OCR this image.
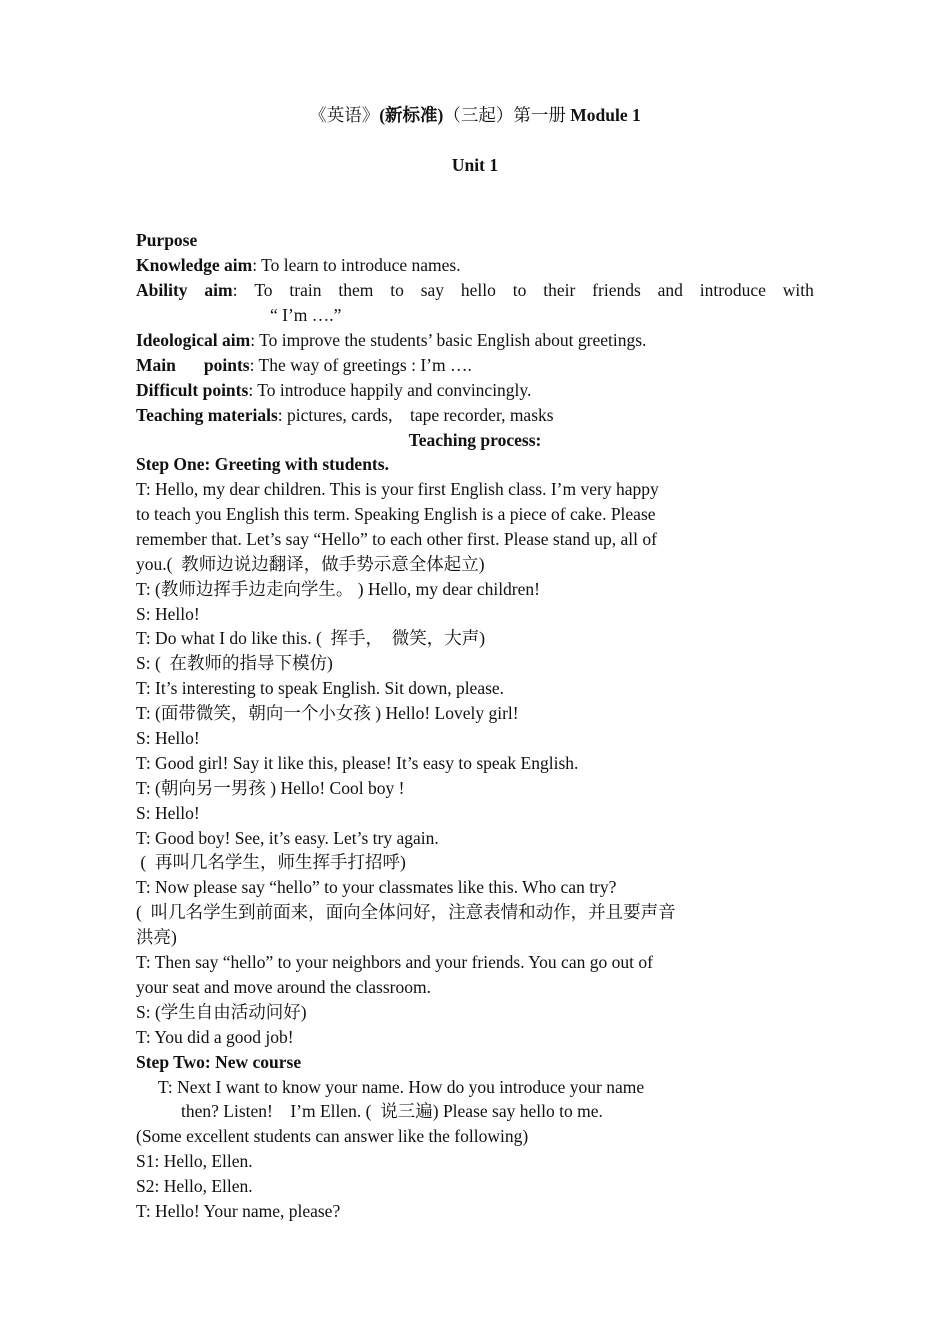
《英语》(新标准)（三起）第一册 Module 1
Unit 1
Purpose
Knowledge aim: To learn to introduce names.
Ability aim: To train them to say hello to their friends and introduce with
“ I’m ….”
Ideological aim: To improve the students’ basic English about greetings.
Main points: The way of greetings : I’m ….
Difficult points: To introduce happily and convincingly.
Teaching materials: pictures, cards,    tape recorder, masks
Teaching process:
Step One: Greeting with students.
T: Hello, my dear children. This is your first English class. I’m very happy
to teach you English this term. Speaking English is a piece of cake. Please
remember that. Let’s say “Hello” to each other first. Please stand up, all of
you.(  教师边说边翻译，做手势示意全体起立)
T: (教师边挥手边走向学生。 ) Hello, my dear children!
S: Hello!
T: Do what I do like this. (  挥手，  微笑，大声)
S: (  在教师的指导下模仿)
T: It’s interesting to speak English. Sit down, please.
T: (面带微笑，朝向一个小女孩 ) Hello! Lovely girl!
S: Hello!
T: Good girl! Say it like this, please! It’s easy to speak English.
T: (朝向另一男孩 ) Hello! Cool boy !
S: Hello!
T: Good boy! See, it’s easy. Let’s try again.
(  再叫几名学生，师生挥手打招呼)
T: Now please say “hello” to your classmates like this. Who can try?
(  叫几名学生到前面来，面向全体问好，注意表情和动作，并且要声音
洪亮)
T: Then say “hello” to your neighbors and your friends. You can go out of
your seat and move around the classroom.
S: (学生自由活动问好)
T: You did a good job!
Step Two: New course
T: Next I want to know your name. How do you introduce your name
then? Listen!    I’m Ellen. (  说三遍) Please say hello to me.
(Some excellent students can answer like the following)
S1: Hello, Ellen.
S2: Hello, Ellen.
T: Hello! Your name, please?
